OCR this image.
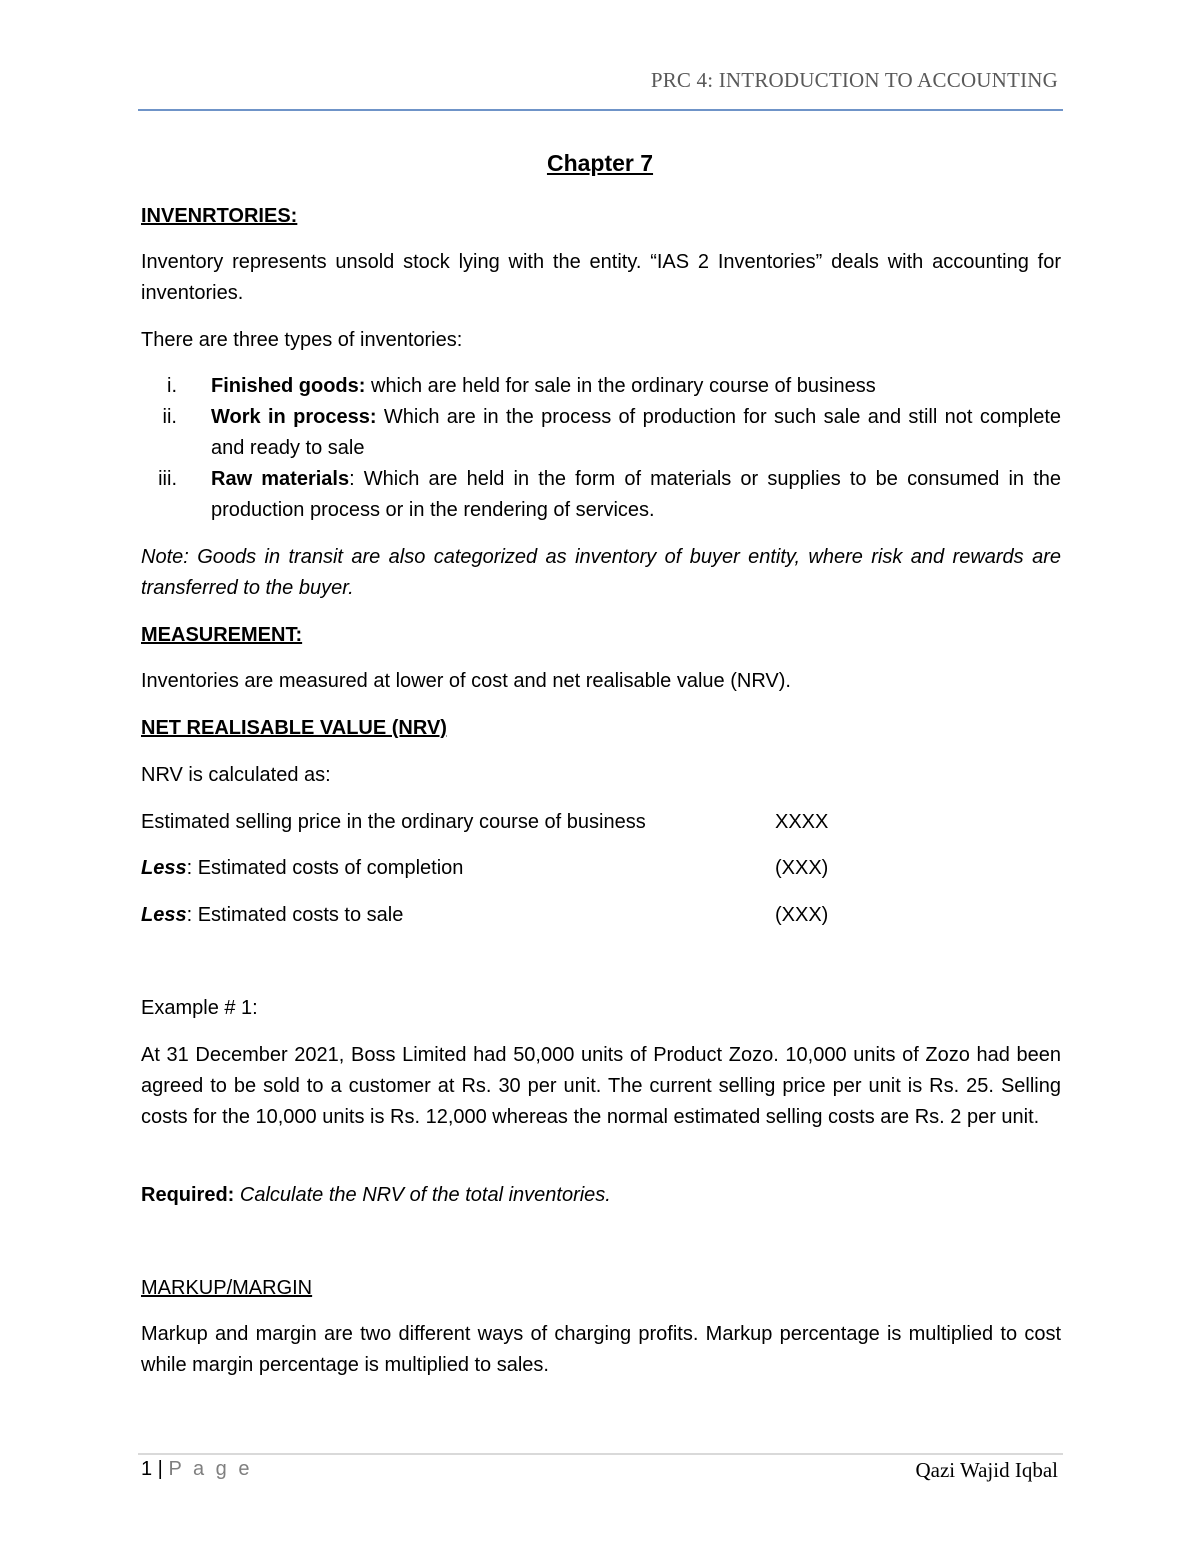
PRC 4: INTRODUCTION TO ACCOUNTING
Chapter 7
INVENRTORIES:
Inventory represents unsold stock lying with the entity. “IAS 2 Inventories” deals with accounting for inventories.
There are three types of inventories:
i. Finished goods: which are held for sale in the ordinary course of business
ii. Work in process: Which are in the process of production for such sale and still not complete and ready to sale
iii. Raw materials: Which are held in the form of materials or supplies to be consumed in the production process or in the rendering of services.
Note: Goods in transit are also categorized as inventory of buyer entity, where risk and rewards are transferred to the buyer.
MEASUREMENT:
Inventories are measured at lower of cost and net realisable value (NRV).
NET REALISABLE VALUE (NRV)
NRV is calculated as:
Estimated selling price in the ordinary course of business	XXXX
Less: Estimated costs of completion	(XXX)
Less: Estimated costs to sale	(XXX)
Example # 1:
At 31 December 2021, Boss Limited had 50,000 units of Product Zozo. 10,000 units of Zozo had been agreed to be sold to a customer at Rs. 30 per unit. The current selling price per unit is Rs. 25. Selling costs for the 10,000 units is Rs. 12,000 whereas the normal estimated selling costs are Rs. 2 per unit.
Required: Calculate the NRV of the total inventories.
MARKUP/MARGIN
Markup and margin are two different ways of charging profits. Markup percentage is multiplied to cost while margin percentage is multiplied to sales.
1 | P a g e	Qazi Wajid Iqbal
